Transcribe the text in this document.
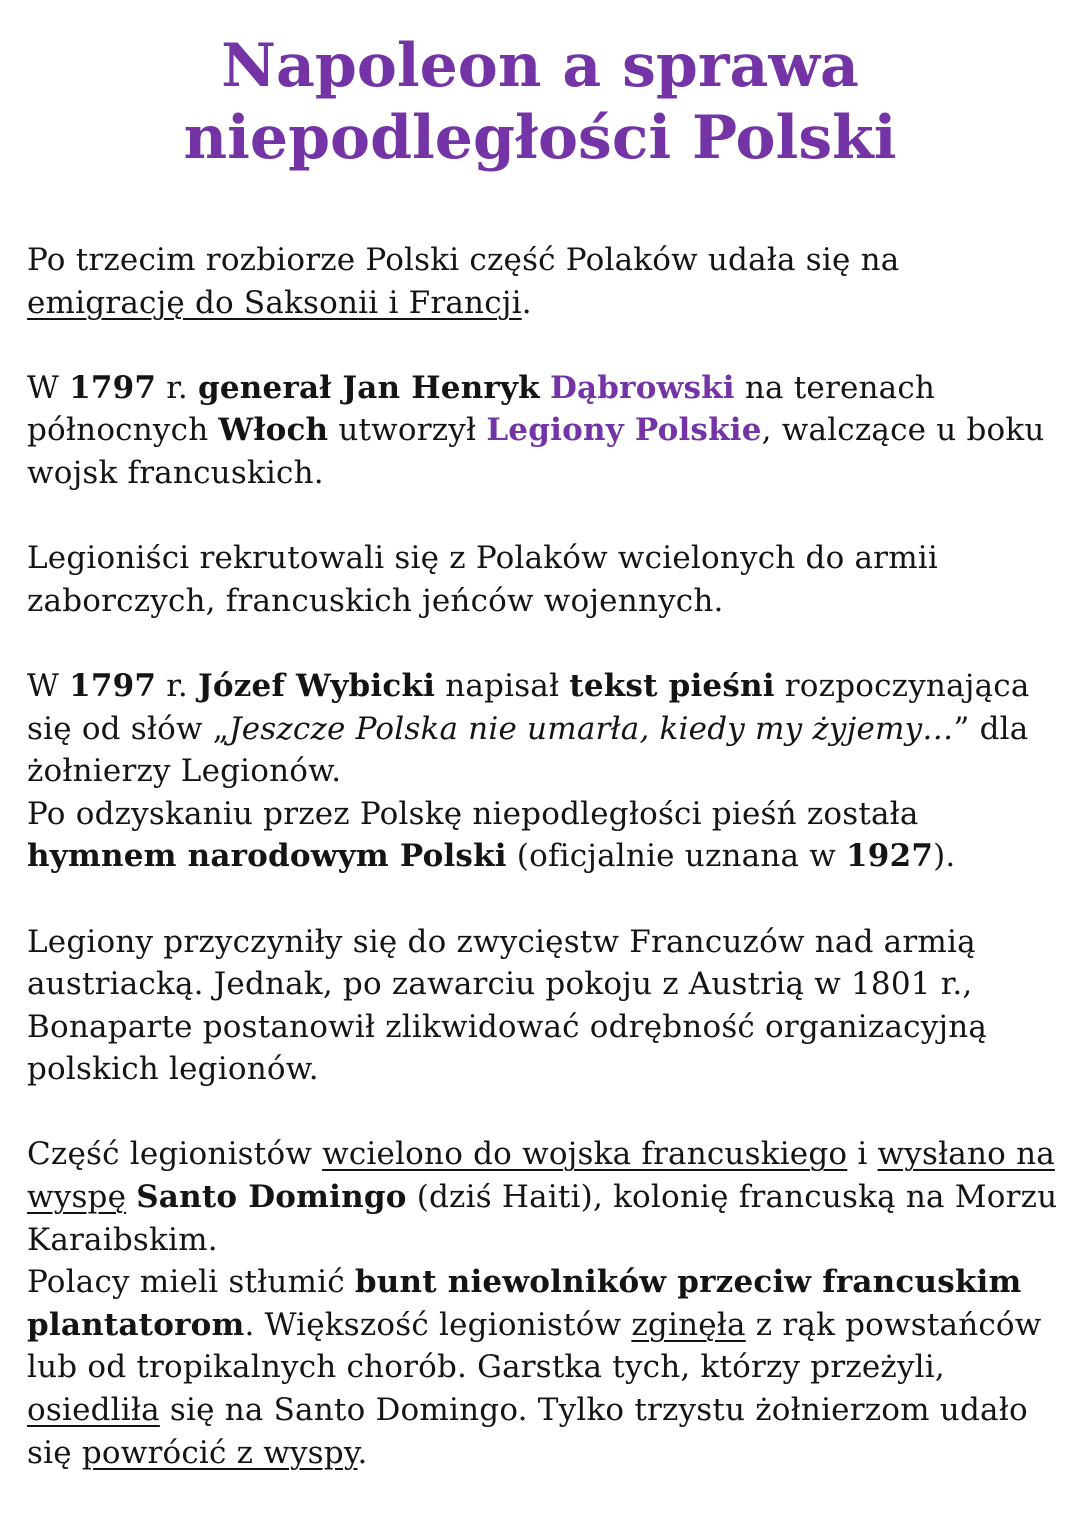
Napoleon a sprawa
niepodległości Polski

Po trzecim rozbiorze Polski część Polaków udała się na emigrację do Saksonii i Francji.

W 1797 r. generał Jan Henryk Dąbrowski na terenach północnych Włoch utworzył Legiony Polskie, walczące u boku wojsk francuskich.

Legioniści rekrutowali się z Polaków wcielonych do armii zaborczych, francuskich jeńców wojennych.

W 1797 r. Józef Wybicki napisał tekst pieśni rozpoczynająca się od słów „Jeszcze Polska nie umarła, kiedy my żyjemy…” dla żołnierzy Legionów.

Po odzyskaniu przez Polskę niepodległości pieśń została hymnem narodowym Polski (oficjalnie uznana w 1927).

Legiony przyczyniły się do zwycięstw Francuzów nad armią austriacką. Jednak, po zawarciu pokoju z Austrią w 1801 r., Bonaparte postanowił zlikwidować odrębność organizacyjną polskich legionów.

Część legionistów wcielono do wojska francuskiego i wysłano na wyspę Santo Domingo (dziś Haiti), kolonię francuską na Morzu Karaibskim.

Polacy mieli stłumić bunt niewolników przeciw francuskim plantatorom. Większość legionistów zginęła z rąk powstańców lub od tropikalnych chorób. Garstka tych, którzy przeżyli, osiedliła się na Santo Domingo. Tylko trzystu żołnierzom udało się powrócić z wyspy.
